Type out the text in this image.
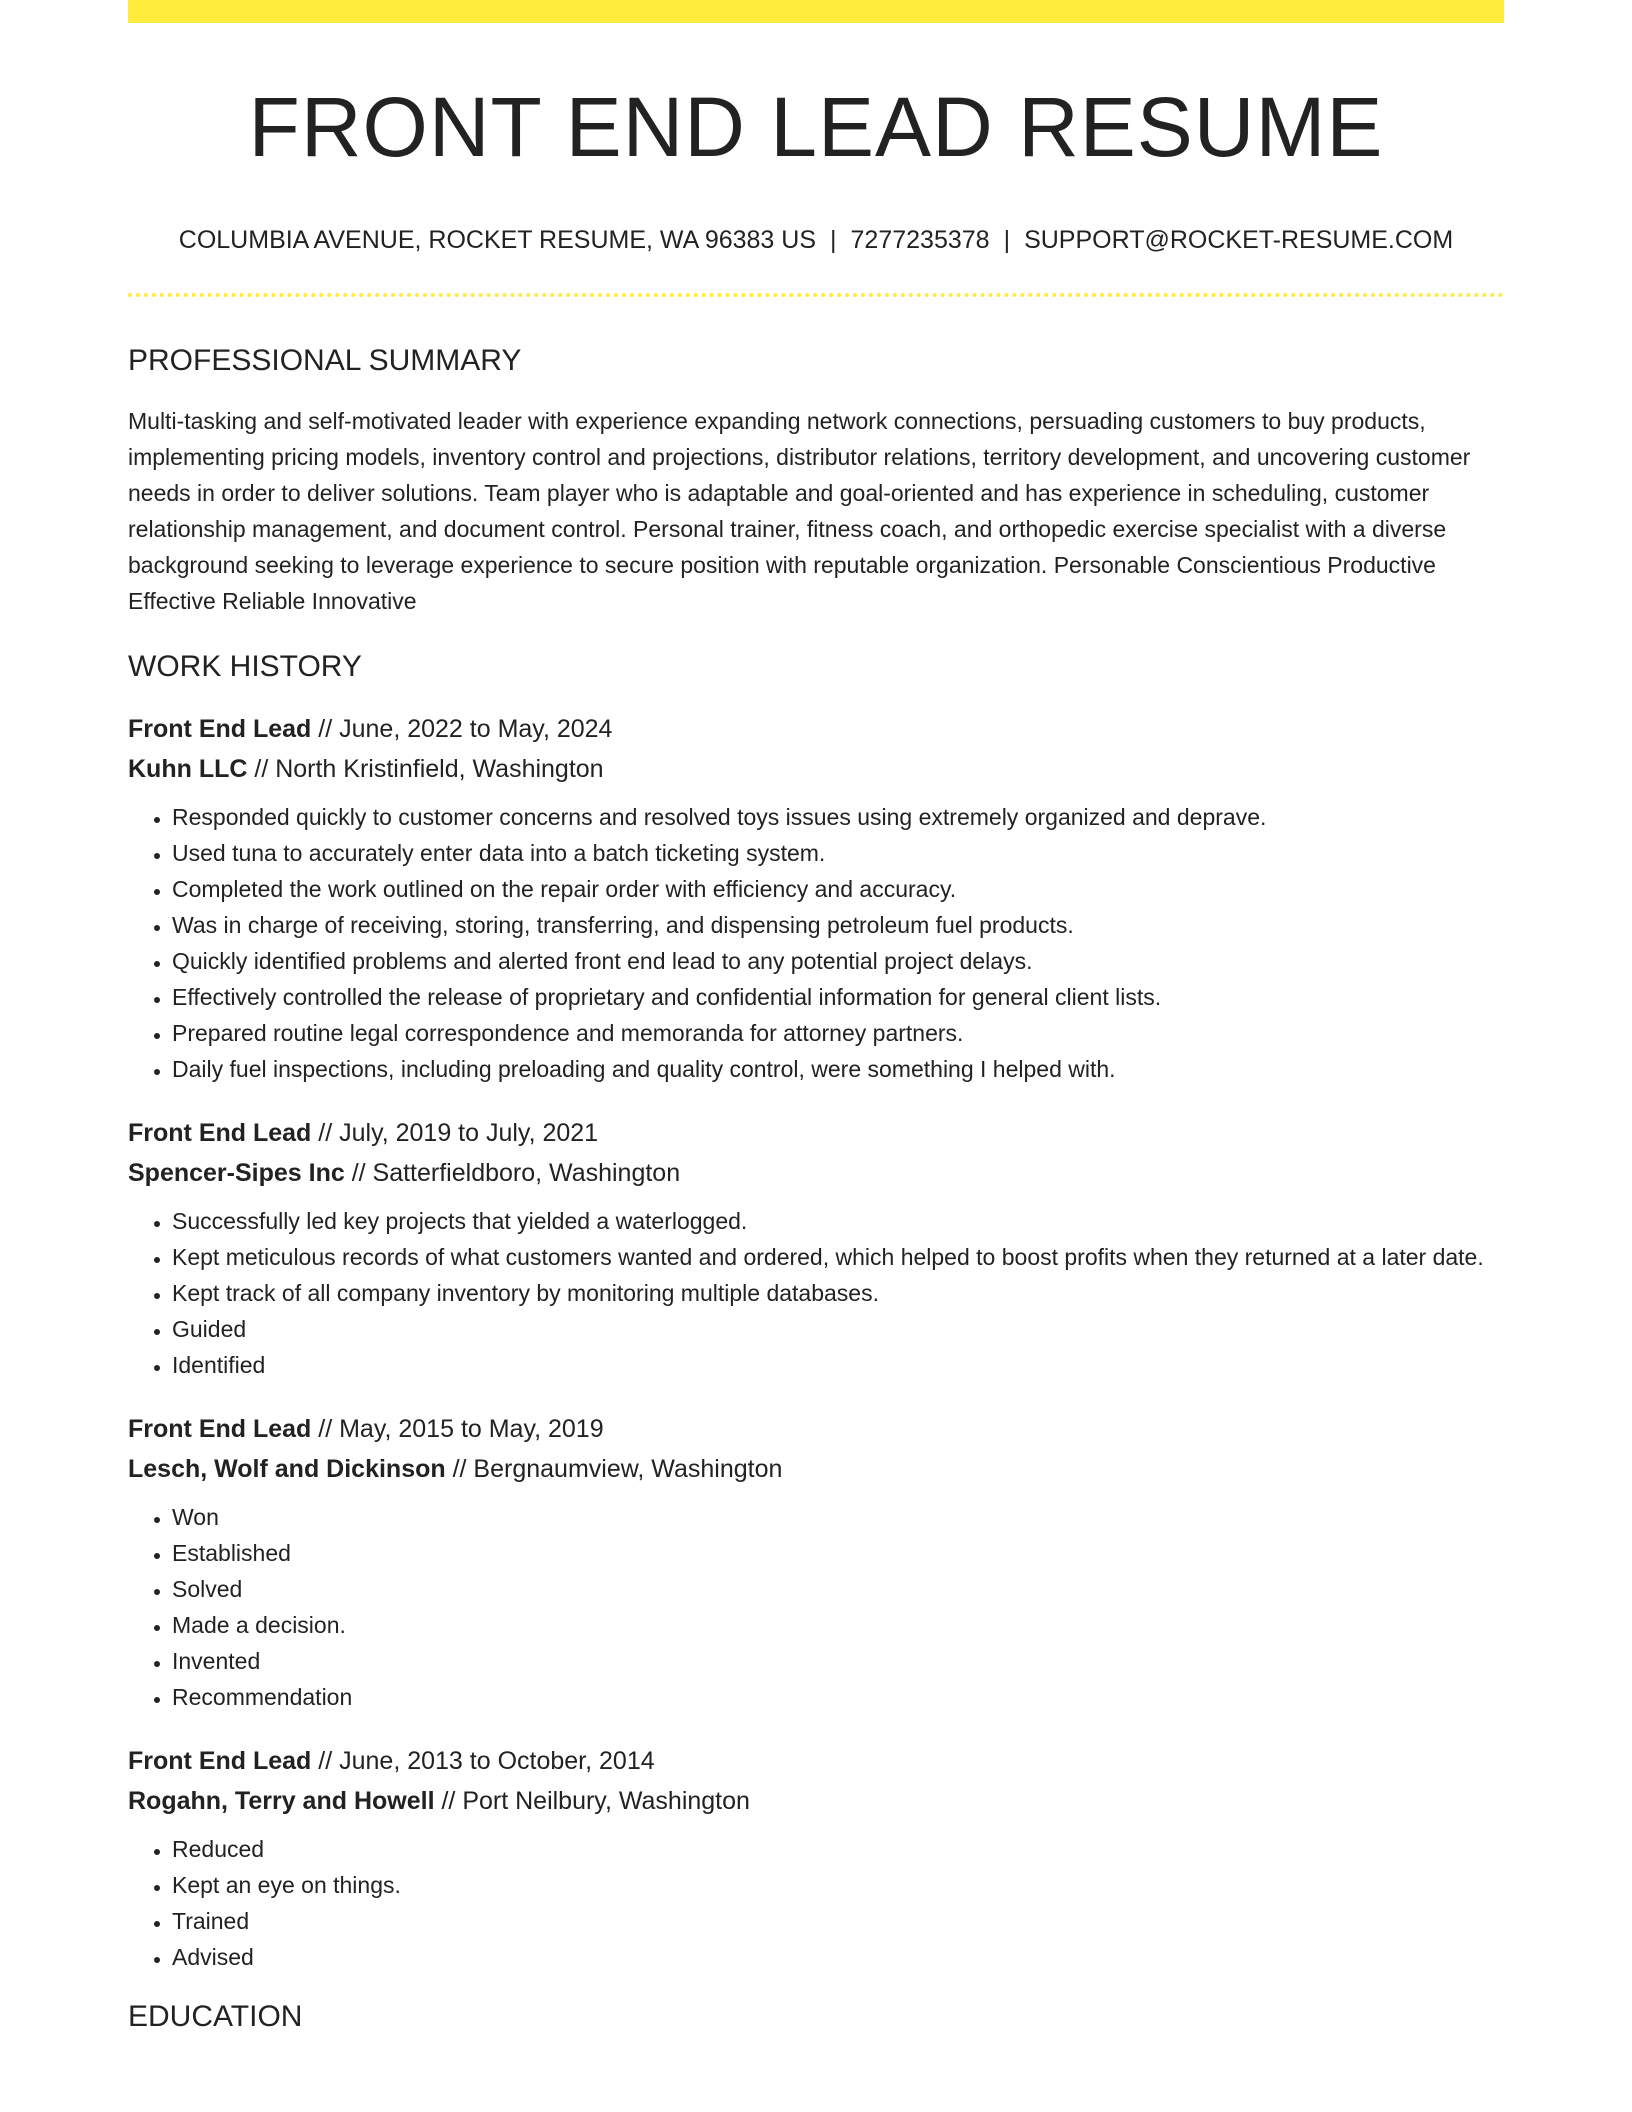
FRONT END LEAD RESUME
COLUMBIA AVENUE, ROCKET RESUME, WA 96383 US | 7277235378 | SUPPORT@ROCKET-RESUME.COM
PROFESSIONAL SUMMARY

Multi-tasking and self-motivated leader with experience expanding network connections, persuading customers to buy products, implementing pricing models, inventory control and projections, distributor relations, territory development, and uncovering customer needs in order to deliver solutions. Team player who is adaptable and goal-oriented and has experience in scheduling, customer relationship management, and document control. Personal trainer, fitness coach, and orthopedic exercise specialist with a diverse background seeking to leverage experience to secure position with reputable organization. Personable Conscientious Productive Effective Reliable Innovative

WORK HISTORY
Front End Lead // June, 2022 to May, 2024
Kuhn LLC // North Kristinfield, Washington
• Responded quickly to customer concerns and resolved toys issues using extremely organized and deprave.
• Used tuna to accurately enter data into a batch ticketing system.
• Completed the work outlined on the repair order with efficiency and accuracy.
• Was in charge of receiving, storing, transferring, and dispensing petroleum fuel products.
• Quickly identified problems and alerted front end lead to any potential project delays.
• Effectively controlled the release of proprietary and confidential information for general client lists.
• Prepared routine legal correspondence and memoranda for attorney partners.
• Daily fuel inspections, including preloading and quality control, were something I helped with.
Front End Lead // July, 2019 to July, 2021
Spencer-Sipes Inc // Satterfieldboro, Washington
• Successfully led key projects that yielded a waterlogged.
• Kept meticulous records of what customers wanted and ordered, which helped to boost profits when they returned at a later date.
• Kept track of all company inventory by monitoring multiple databases.
• Guided
• Identified
Front End Lead // May, 2015 to May, 2019
Lesch, Wolf and Dickinson // Bergnaumview, Washington
• Won
• Established
• Solved
• Made a decision.
• Invented
• Recommendation
Front End Lead // June, 2013 to October, 2014
Rogahn, Terry and Howell // Port Neilbury, Washington
• Reduced
• Kept an eye on things.
• Trained
• Advised
EDUCATION
